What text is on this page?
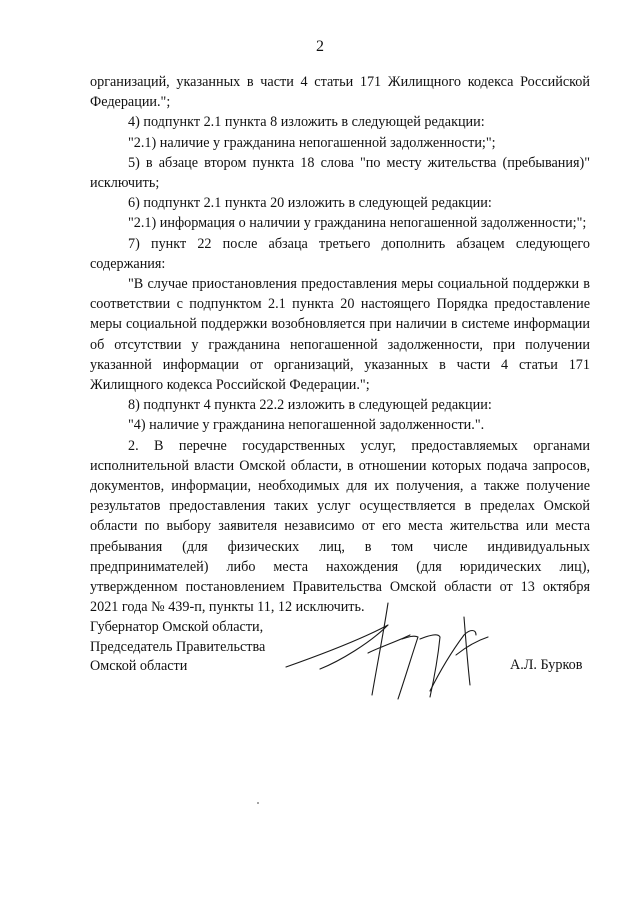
2

организаций, указанных в части 4 статьи 171 Жилищного кодекса Российской Федерации.";

4) подпункт 2.1 пункта 8 изложить в следующей редакции:

"2.1) наличие у гражданина непогашенной задолженности;";

5) в абзаце втором пункта 18 слова "по месту жительства (пребывания)" исключить;

6) подпункт 2.1 пункта 20 изложить в следующей редакции:

"2.1) информация о наличии у гражданина непогашенной задолженности;";

7) пункт 22 после абзаца третьего дополнить абзацем следующего содержания:

"В случае приостановления предоставления меры социальной поддержки в соответствии с подпунктом 2.1 пункта 20 настоящего Порядка предоставление меры социальной поддержки возобновляется при наличии в системе информации об отсутствии у гражданина непогашенной задолженности, при получении указанной информации от организаций, указанных в части 4 статьи 171 Жилищного кодекса Российской Федерации.";

8) подпункт 4 пункта 22.2 изложить в следующей редакции:

"4) наличие у гражданина непогашенной задолженности.".

2. В перечне государственных услуг, предоставляемых органами исполнительной власти Омской области, в отношении которых подача запросов, документов, информации, необходимых для их получения, а также получение результатов предоставления таких услуг осуществляется в пределах Омской области по выбору заявителя независимо от его места жительства или места пребывания (для физических лиц, в том числе индивидуальных предпринимателей) либо места нахождения (для юридических лиц), утвержденном постановлением Правительства Омской области от 13 октября 2021 года № 439-п, пункты 11, 12 исключить.

Губернатор Омской области,
Председатель Правительства
Омской области	А.Л. Бурков
